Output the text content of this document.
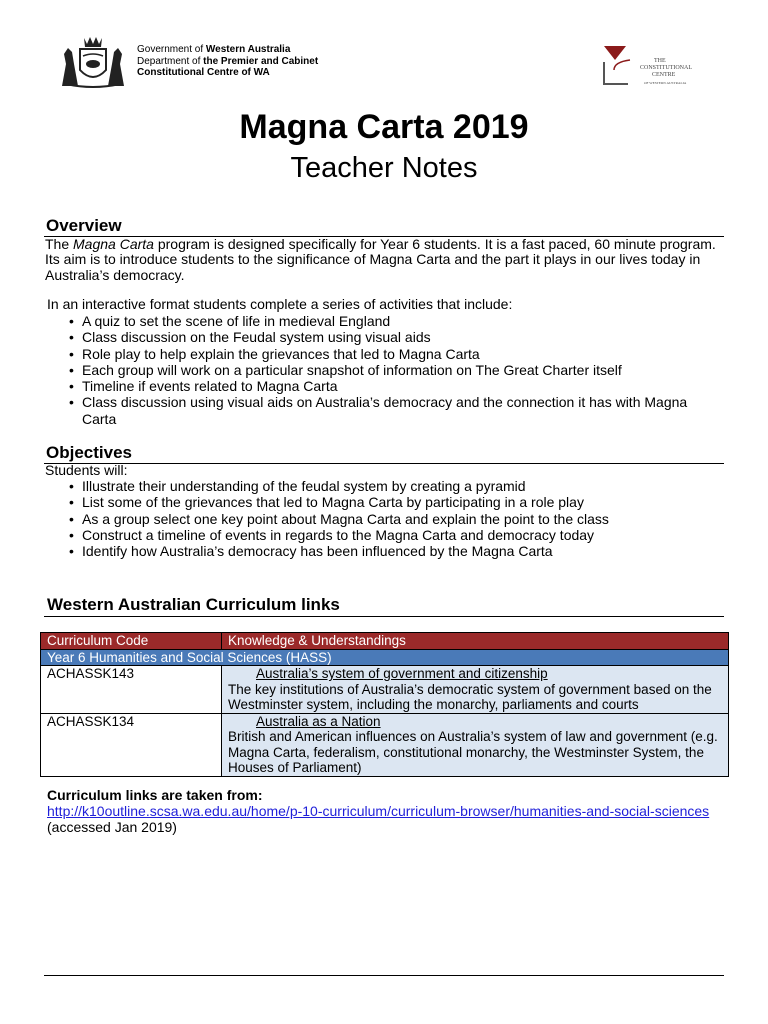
Government of Western Australia
Department of the Premier and Cabinet
Constitutional Centre of WA
THE
CONSTITUTIONAL
CENTRE
OF WESTERN AUSTRALIA
Magna Carta 2019
Teacher Notes
Overview
The Magna Carta program is designed specifically for Year 6 students. It is a fast paced, 60 minute program. Its aim is to introduce students to the significance of Magna Carta and the part it plays in our lives today in Australia’s democracy.
In an interactive format students complete a series of activities that include:
• A quiz to set the scene of life in medieval England
• Class discussion on the Feudal system using visual aids
• Role play to help explain the grievances that led to Magna Carta
• Each group will work on a particular snapshot of information on The Great Charter itself
• Timeline if events related to Magna Carta
• Class discussion using visual aids on Australia’s democracy and the connection it has with Magna Carta
Objectives
Students will:
• Illustrate their understanding of the feudal system by creating a pyramid
• List some of the grievances that led to Magna Carta by participating in a role play
• As a group select one key point about Magna Carta and explain the point to the class
• Construct a timeline of events in regards to the Magna Carta and democracy today
• Identify how Australia’s democracy has been influenced by the Magna Carta
Western Australian Curriculum links
Curriculum Code	Knowledge & Understandings
Year 6 Humanities and Social Sciences (HASS)	
ACHASSK143	Australia’s system of government and citizenship
The key institutions of Australia’s democratic system of government based on the Westminster system, including the monarchy, parliaments and courts
ACHASSK134	Australia as a Nation
British and American influences on Australia’s system of law and government (e.g. Magna Carta, federalism, constitutional monarchy, the Westminster System, the Houses of Parliament)
Curriculum links are taken from:
http://k10outline.scsa.wa.edu.au/home/p-10-curriculum/curriculum-browser/humanities-and-social-sciences
(accessed Jan 2019)
